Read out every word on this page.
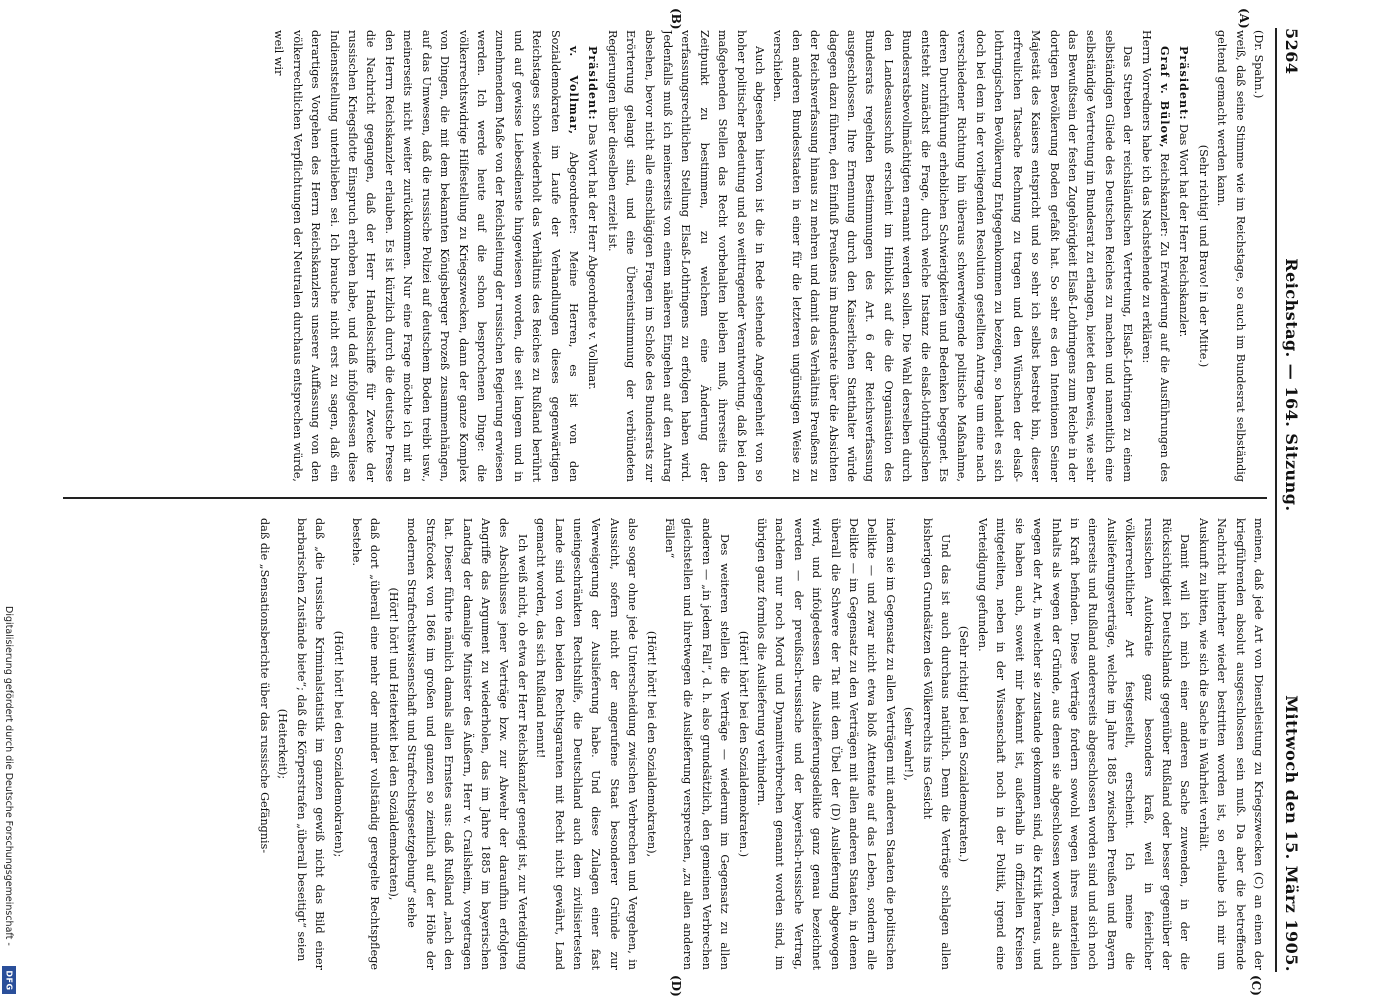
5264
Reichstag. — 164. Sitzung.
Mittwoch den 15. März 1905.

(Dr. Spahn.)

weiß, daß seine Stimme wie im Reichstage, so auch im Bundesrat selbständig geltend gemacht werden kann.

(Sehr richtig! und Bravo! in der Mitte.)

Präsident: Das Wort hat der Herr Reichskanzler.

Graf v. Bülow, Reichskanzler: Zu Erwiderung auf die Ausführungen des Herrn Vorredners habe ich das Nachstehende zu erklären:

Das Streben der reichsländischen Vertretung, Elsaß-Lothringen zu einem selbständigen Gliede des Deutschen Reiches zu machen und namentlich eine selbständige Vertretung im Bundesrat zu erlangen, bietet den Beweis, wie sehr das Bewußtsein der festen Zugehörigkeit Elsaß-Lothringens zum Reiche in der dortigen Bevölkerung Boden gefaßt hat. So sehr es den Intentionen Seiner Majestät des Kaisers entspricht und so sehr ich selbst bestrebt bin, dieser erfreulichen Tatsache Rechnung zu tragen und den Wünschen der elsaß-lothringischen Bevölkerung Entgegenkommen zu bezeigen, so handelt es sich doch bei dem in der vorliegenden Resolution gestellten Antrage um eine nach verschiedener Richtung hin überaus schwerwiegende politische Maßnahme, deren Durchführung erheblichen Schwierigkeiten und Bedenken begegnet. Es entsteht zunächst die Frage, durch welche Instanz die elsaß-lothringischen Bundesratsbevollmächtigten ernannt werden sollen. Die Wahl derselben durch den Landesausschuß erscheint im Hinblick auf die die Organisation des Bundesrats regelnden Bestimmungen des Art. 6 der Reichsverfassung ausgeschlossen. Ihre Ernennung durch den Kaiserlichen Statthalter würde dagegen dazu führen, den Einfluß Preußens im Bundesrate über die Absichten der Reichsverfassung hinaus zu mehren und damit das Verhältnis Preußens zu den anderen Bundesstaaten in einer für die letzteren ungünstigen Weise zu verschieben.

Auch abgesehen hiervon ist die in Rede stehende Angelegenheit von so hoher politischer Bedeutung und so weittragender Verantwortung, daß bei den maßgebenden Stellen das Recht vorbehalten bleiben muß, ihrerseits den Zeitpunkt zu bestimmen, zu welchem eine Änderung der verfassungsrechtlichen Stellung Elsaß-Lothringens zu erfolgen haben wird. Jedenfalls muß ich meinerseits von einem näheren Eingehen auf den Antrag absehen, bevor nicht alle einschlägigen Fragen im Schoße des Bundesrats zur Erörterung gelangt sind, und eine Übereinstimmung der verbündeten Regierungen über dieselben erzielt ist.

Präsident: Das Wort hat der Herr Abgeordnete v. Vollmar.

v. Vollmar, Abgeordneter: Meine Herren, es ist von den Sozialdemokraten im Laufe der Verhandlungen dieses gegenwärtigen Reichstages schon wiederholt das Verhältnis des Reiches zu Rußland berührt und auf gewisse Liebesdienste hingewiesen worden, die seit langem und in zunehmendem Maße von der Reichsleitung der russischen Regierung erwiesen werden. Ich werde heute auf die schon besprochenen Dinge: die völkerrechtswidrige Hilfestellung zu Kriegszwecken, dann der ganze Komplex von Dingen, die mit dem bekannten Königsberger Prozeß zusammenhängen, auf das Umwesen, daß die russische Polizei auf deutschem Boden treibt usw., meinerseits nicht weiter zurückkommen. Nur eine Frage möchte ich mit an den Herrn Reichskanzler erlauben. Es ist kürzlich durch die deutsche Presse die Nachricht gegangen, daß der Herr Handelsschiffe für Zwecke der russischen Kriegsflotte Einspruch erhoben habe, und daß infolgedessen diese Indienststellung unterblieben sei. Ich brauche nicht erst zu sagen, daß ein derartiges Vorgehen des Herrn Reichskanzlers unserer Auffassung von den völkerrechtlichen Verpflichtungen der Neutralen durchaus entsprechen würde, weil wir

meinen, daß jede Art von Dienstleistung zu Kriegszwecken (C) an einen der kriegführenden absolut ausgeschlossen sein muß. Da aber die betreffende Nachricht hinterher wieder bestritten worden ist, so erlaube ich mir um Auskunft zu bitten, wie sich die Sache in Wahrheit verhält.

Damit will ich mich einer anderen Sache zuwenden, in der die Rücksichtigkeit Deutschlands gegenüber Rußland oder besser gegenüber der russischen Autokratie ganz besonders kraß, weil in feierlicher völkerrechtlicher Art festgestellt, erscheint. Ich meine die Auslieferungsverträge, welche im Jahre 1885 zwischen Preußen und Bayern einerseits und Rußland andererseits abgeschlossen worden sind und sich noch in Kraft befinden. Diese Verträge fordern sowohl wegen ihres materiellen Inhalts als wegen der Gründe, aus denen sie abgeschlossen worden, als auch wegen der Art, in welcher sie zustande gekommen sind, die Kritik heraus, und sie haben auch, soweit mir bekannt ist, außerhalb in offiziellen Kreisen mitgeteilten, neben in der Wissenschaft noch in der Politik, irgend eine Verteidigung gefunden.

(Sehr richtig! bei den Sozialdemokraten.)

Und das ist auch durchaus natürlich. Denn die Verträge schlagen allen bisherigen Grundsätzen des Völkerrechts ins Gesicht

(sehr wahr!),

indem sie im Gegensatz zu allen Verträgen mit anderen Staaten die politischen Delikte — und zwar nicht etwa bloß Attentate auf das Leben, sondern alle Delikte — im Gegensatz zu den Verträgen mit allen anderen Staaten, in denen überall die Schwere der Tat mit dem Übel der (D) Auslieferung abgewogen wird, und infolgedessen die Auslieferungsdelikte ganz genau bezeichnet werden — der preußisch-russische und der bayerisch-russische Vertrag, nachdem nur noch Mord und Dynamitverbrechen genannt worden sind, im übrigen ganz formlos die Auslieferung verhindern.

(Hört! hört! bei den Sozialdemokraten.)

Des weiteren stellen die Verträge — wiederum im Gegensatz zu allen anderen — „in jedem Fall“, d. h. also grundsätzlich, den gemeinen Verbrechen gleichstellen und ihretwegen die Auslieferung versprechen, „zu allen anderen Fällen“

(Hört! hört! bei den Sozialdemokraten),

also sogar ohne jede Unterscheidung zwischen Verbrechen und Vergehen, in Aussicht, sofern nicht der angerufene Staat besonderer Gründe zur Verweigerung der Auslieferung habe. Und diese Zulagen einer fast uneingeschränkten Rechtshilfe, die Deutschland auch dem zivilisiertesten Lande sind von den beiden Rechtsgaranten mit Recht nicht gewährt, Land gemacht worden, das sich Rußland nennt!

Ich weiß nicht, ob etwa der Herr Reichskanzler geneigt ist, zur Verteidigung des Abschlusses jener Verträge bzw. zur Abwehr der daraufhin erfolgten Angriffe das Argument zu wiederholen, das im Jahre 1885 im bayerischen Landtag der damalige Minister des Äußern, Herr v. Crailsheim, vorgetragen hat. Dieser führte nämlich damals allen Ernstes aus: daß Rußland „nach den Strafcodex von 1866 im großen und ganzen so ziemlich auf der Höhe der modernen Strafrechtswissenschaft und Strafrechtsgesetzgebung“ stehe

(Hört! hört! und Heiterkeit bei den Sozialdemokraten),

daß dort „überall eine mehr oder minder vollständig geregelte Rechtspflege bestehe.

(Hört! hört! bei den Sozialdemokraten);

daß „die russische Kriminalstatistik im ganzen gewiß nicht das Bild einer barbarischen Zustände biete“; daß die Körperstrafen „überall beseitigt“ seien

(Heiterkeit);

daß die „Sensationsberichte über das russische Gefängnis-

(A)
(B)
(C)
(D)
Digitalisierung gefördert durch die Deutsche Forschungsgemeinschaft -
DFG
